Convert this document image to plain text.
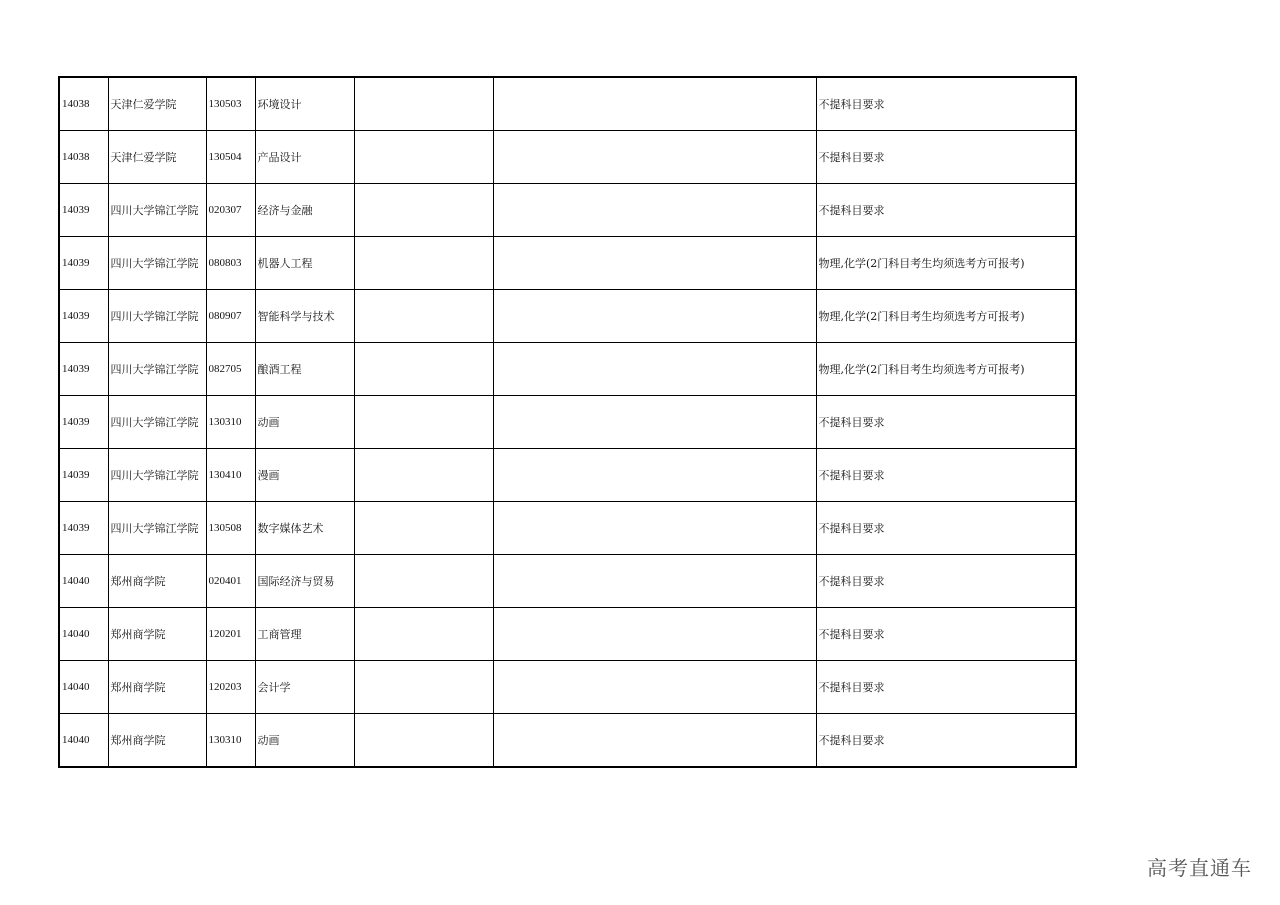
14038	天津仁爱学院	130503	环境设计			不提科目要求
14038	天津仁爱学院	130504	产品设计			不提科目要求
14039	四川大学锦江学院	020307	经济与金融			不提科目要求
14039	四川大学锦江学院	080803	机器人工程			物理,化学(2门科目考生均须选考方可报考)
14039	四川大学锦江学院	080907	智能科学与技术			物理,化学(2门科目考生均须选考方可报考)
14039	四川大学锦江学院	082705	酿酒工程			物理,化学(2门科目考生均须选考方可报考)
14039	四川大学锦江学院	130310	动画			不提科目要求
14039	四川大学锦江学院	130410	漫画			不提科目要求
14039	四川大学锦江学院	130508	数字媒体艺术			不提科目要求
14040	郑州商学院	020401	国际经济与贸易			不提科目要求
14040	郑州商学院	120201	工商管理			不提科目要求
14040	郑州商学院	120203	会计学			不提科目要求
14040	郑州商学院	130310	动画			不提科目要求
高考直通车
